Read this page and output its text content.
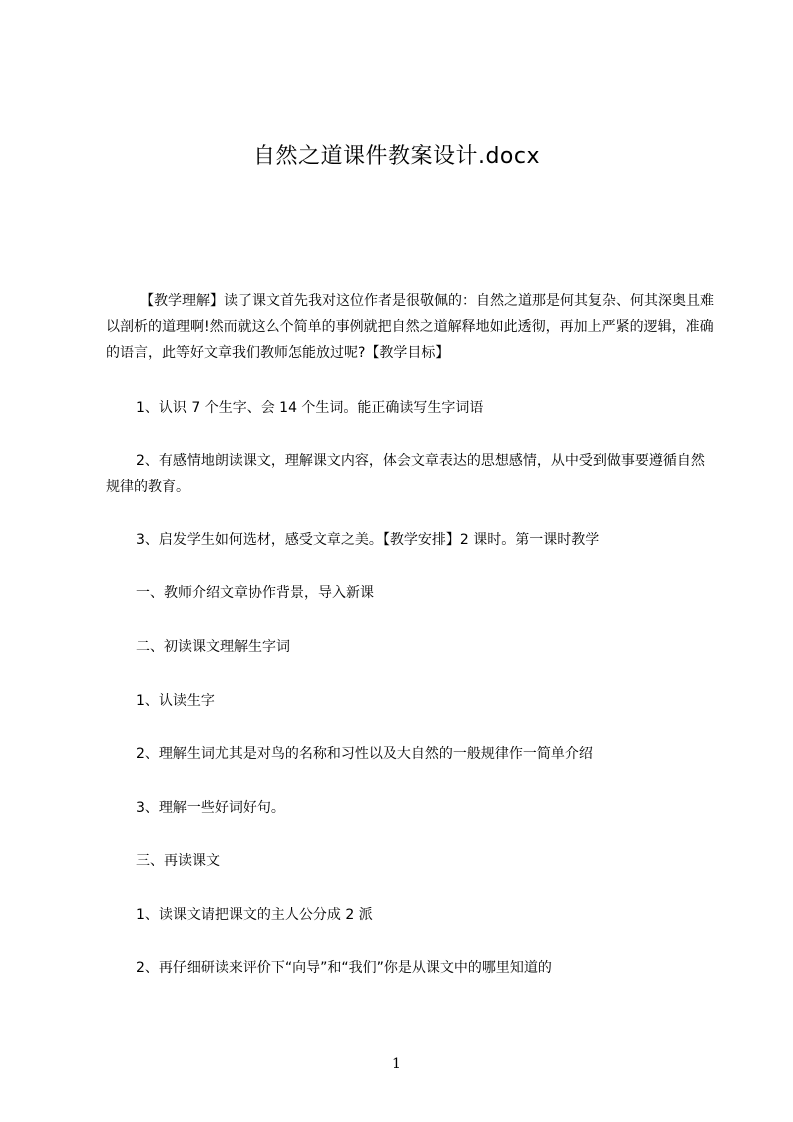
自然之道课件教案设计.docx

【教学理解】读了课文首先我对这位作者是很敬佩的：自然之道那是何其复杂、何其深奥且难以剖析的道理啊!然而就这么个简单的事例就把自然之道解释地如此透彻，再加上严紧的逻辑，准确的语言，此等好文章我们教师怎能放过呢?【教学目标】

1、认识 7 个生字、会 14 个生词。能正确读写生字词语

2、有感情地朗读课文，理解课文内容，体会文章表达的思想感情，从中受到做事要遵循自然规律的教育。

3、启发学生如何选材，感受文章之美。【教学安排】2 课时。第一课时教学

一、教师介绍文章协作背景，导入新课

二、初读课文理解生字词

1、认读生字

2、理解生词尤其是对鸟的名称和习性以及大自然的一般规律作一简单介绍

3、理解一些好词好句。

三、再读课文

1、读课文请把课文的主人公分成 2 派

2、再仔细研读来评价下“向导”和“我们”你是从课文中的哪里知道的

1
